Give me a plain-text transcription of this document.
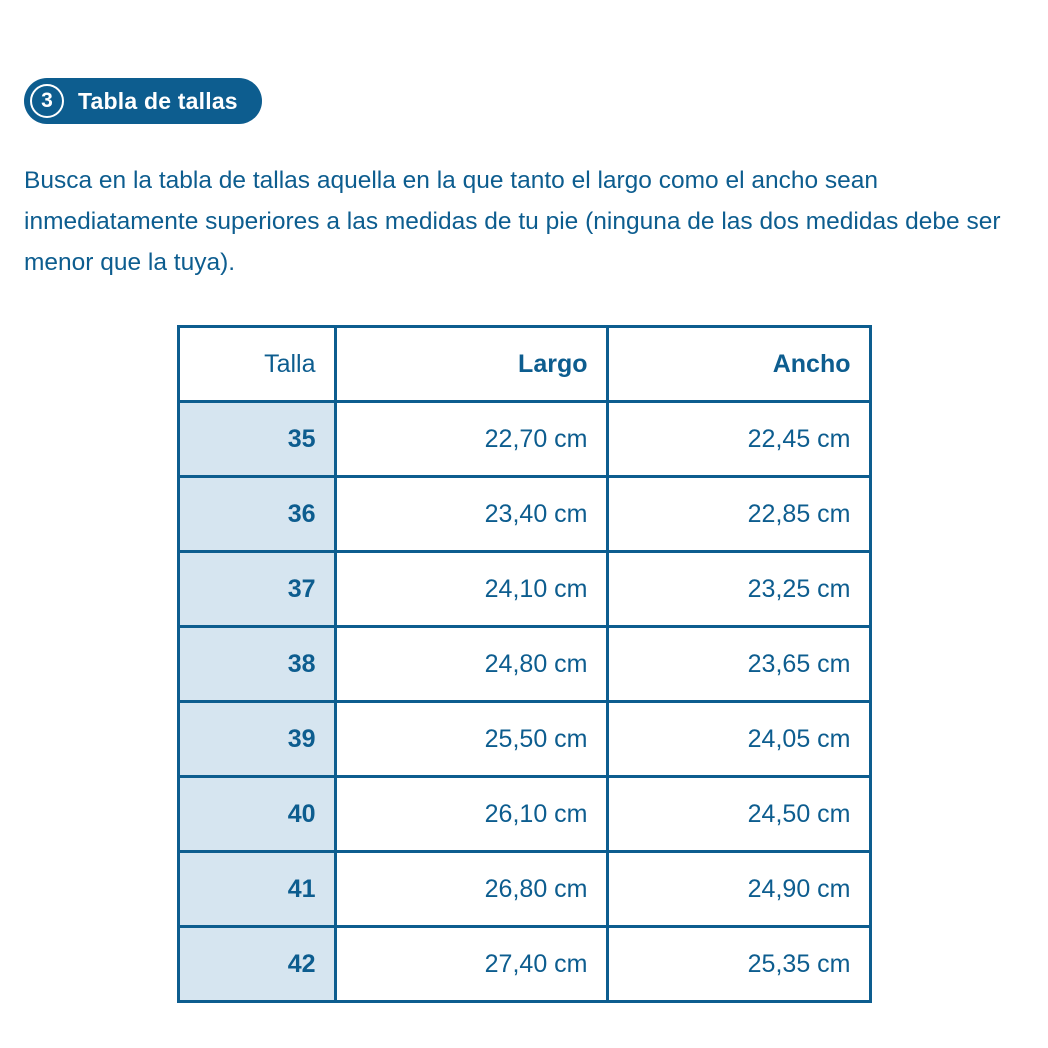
3	Tabla de tallas

Busca en la tabla de tallas aquella en la que tanto el largo como el ancho sean inmediatamente superiores a las medidas de tu pie (ninguna de las dos medidas debe ser menor que la tuya).

Talla	Largo	Ancho
35	22,70 cm	22,45 cm
36	23,40 cm	22,85 cm
37	24,10 cm	23,25 cm
38	24,80 cm	23,65 cm
39	25,50 cm	24,05 cm
40	26,10 cm	24,50 cm
41	26,80 cm	24,90 cm
42	27,40 cm	25,35 cm
